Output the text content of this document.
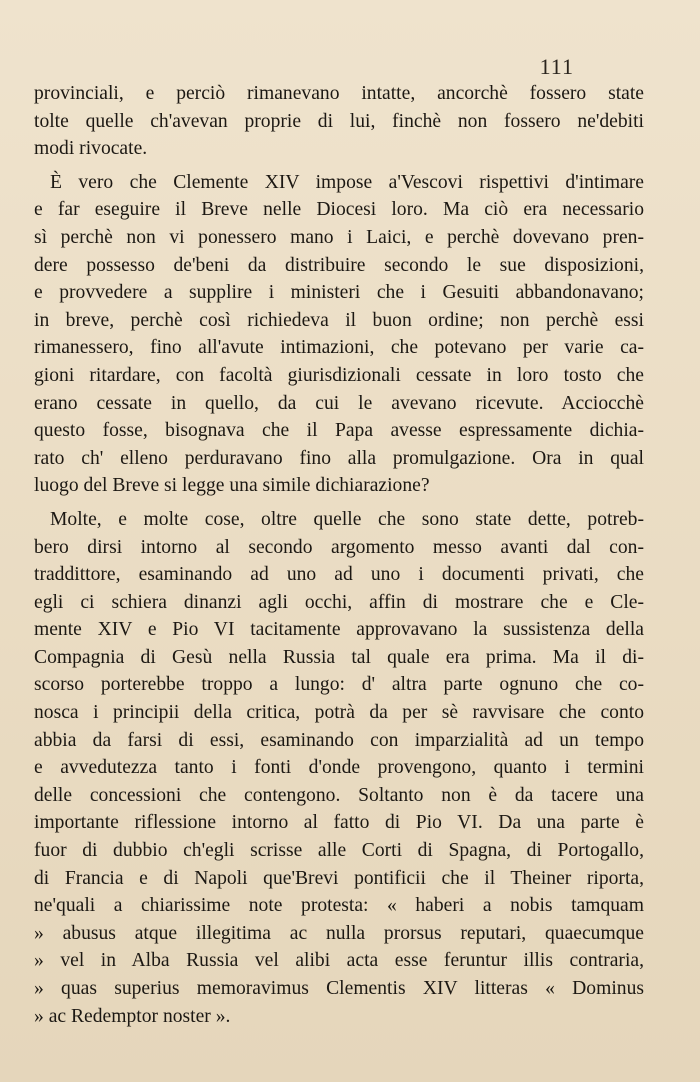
111
provinciali, e perciò rimanevano intatte, ancorchè fossero state
tolte quelle ch'avevan proprie di lui, finchè non fossero ne'debiti
modi rivocate.
È vero che Clemente XIV impose a'Vescovi rispettivi d'intimare
e far eseguire il Breve nelle Diocesi loro. Ma ciò era necessario
sì perchè non vi ponessero mano i Laici, e perchè dovevano pren-
dere possesso de'beni da distribuire secondo le sue disposizioni,
e provvedere a supplire i ministeri che i Gesuiti abbandonavano;
in breve, perchè così richiedeva il buon ordine; non perchè essi
rimanessero, fino all'avute intimazioni, che potevano per varie ca-
gioni ritardare, con facoltà giurisdizionali cessate in loro tosto che
erano cessate in quello, da cui le avevano ricevute. Acciocchè
questo fosse, bisognava che il Papa avesse espressamente dichia-
rato ch' elleno perduravano fino alla promulgazione. Ora in qual
luogo del Breve si legge una simile dichiarazione?
Molte, e molte cose, oltre quelle che sono state dette, potreb-
bero dirsi intorno al secondo argomento messo avanti dal con-
traddittore, esaminando ad uno ad uno i documenti privati, che
egli ci schiera dinanzi agli occhi, affin di mostrare che e Cle-
mente XIV e Pio VI tacitamente approvavano la sussistenza della
Compagnia di Gesù nella Russia tal quale era prima. Ma il di-
scorso porterebbe troppo a lungo: d' altra parte ognuno che co-
nosca i principii della critica, potrà da per sè ravvisare che conto
abbia da farsi di essi, esaminando con imparzialità ad un tempo
e avvedutezza tanto i fonti d'onde provengono, quanto i termini
delle concessioni che contengono. Soltanto non è da tacere una
importante riflessione intorno al fatto di Pio VI. Da una parte è
fuor di dubbio ch'egli scrisse alle Corti di Spagna, di Portogallo,
di Francia e di Napoli que'Brevi pontificii che il Theiner riporta,
ne'quali a chiarissime note protesta: « haberi a nobis tamquam
» abusus atque illegitima ac nulla prorsus reputari, quaecumque
» vel in Alba Russia vel alibi acta esse feruntur illis contraria,
» quas superius memoravimus Clementis XIV litteras « Dominus
» ac Redemptor noster ».
